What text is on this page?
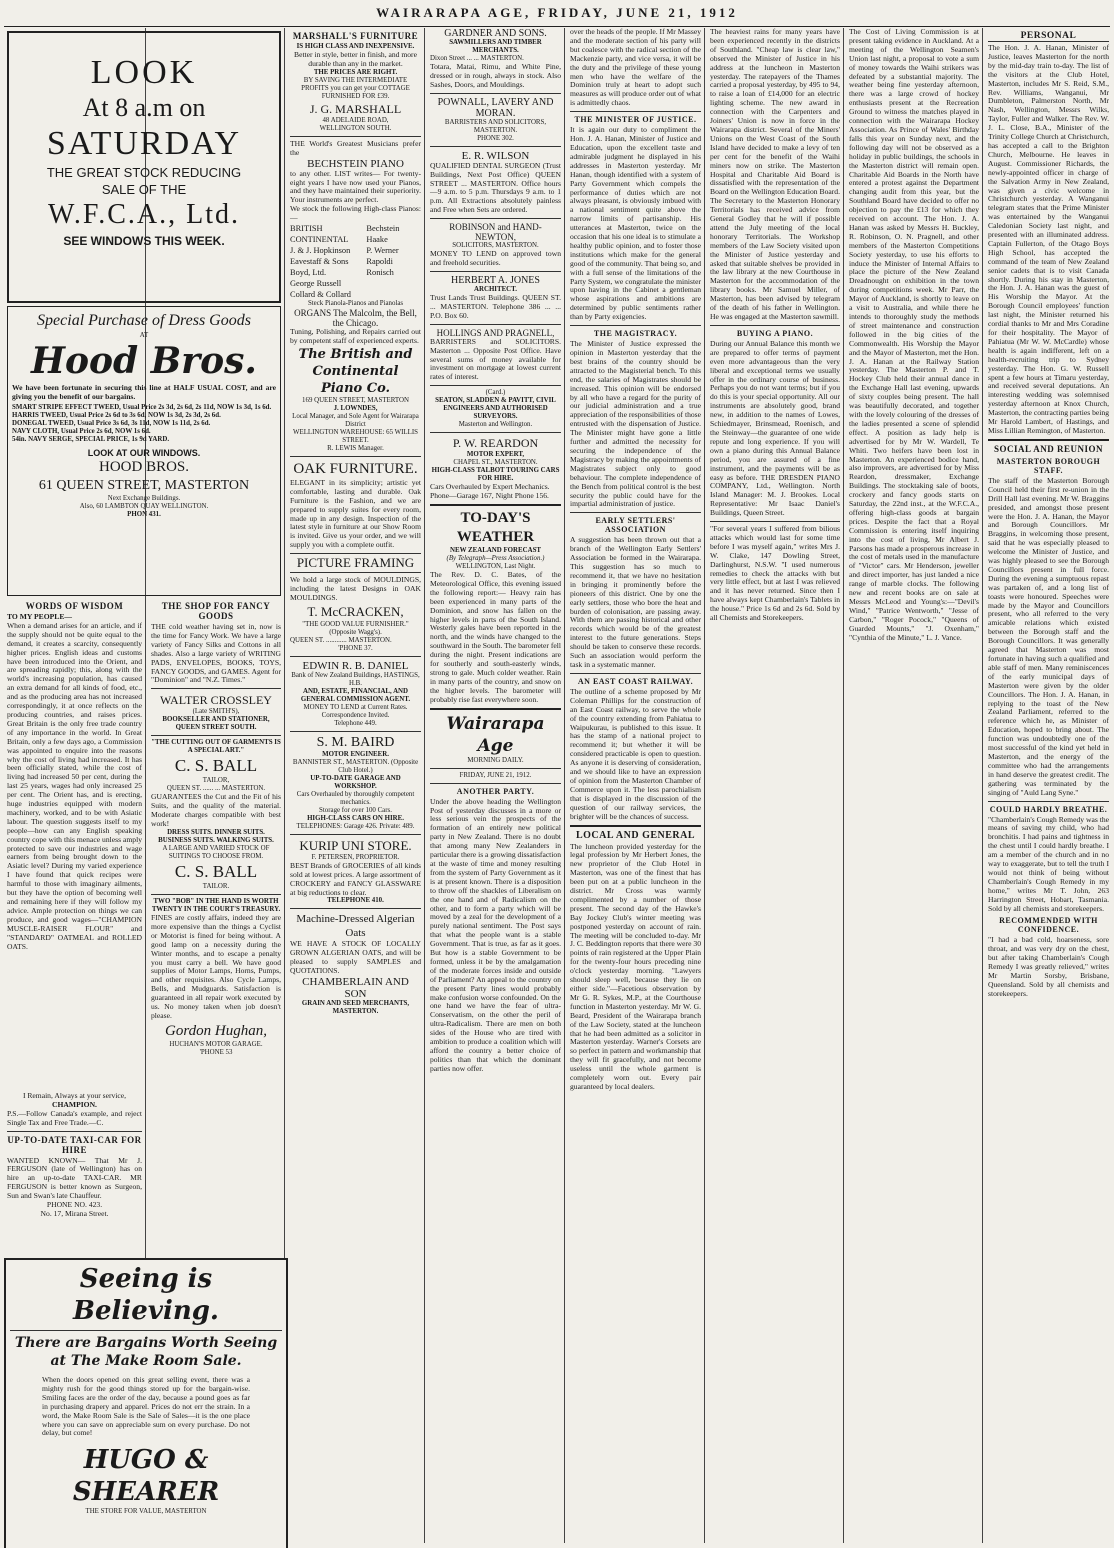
WAIRARAPA AGE, FRIDAY, JUNE 21, 1912

LOOK

At 8 a.m on

SATURDAY

THE GREAT STOCK REDUCING

SALE OF THE

W.F.C.A., Ltd.

SEE WINDOWS THIS WEEK.

Special Purchase of Dress Goods

AT

Hood Bros.

We have been fortunate in securing this line at HALF USUAL COST, and are giving you the benefit of our bargains.

SMART STRIPE EFFECT TWEED, Usual Price 2s 3d, 2s 6d, 2s 11d, NOW 1s 3d, 1s 6d.

HARRIS TWEED, Usual Price 2s 6d to 3s 6d, NOW 1s 3d, 2s 3d, 2s 6d.

DONEGAL TWEED, Usual Price 3s 6d, 3s 11d, NOW 1s 11d, 2s 6d.

NAVY CLOTH, Usual Price 2s 6d, NOW 1s 6d.

54in. NAVY SERGE, SPECIAL PRICE, 1s 9d YARD.

LOOK AT OUR WINDOWS.

HOOD BROS.

61 QUEEN STREET, MASTERTON

Next Exchange Buildings.

Also, 60 LAMBTON QUAY WELLINGTON.

PHON 431.

WORDS OF WISDOM

TO MY PEOPLE—

When a demand arises for an article, and if the supply should not be quite equal to the demand, it creates a scarcity, consequently higher prices. English ideas and customs have been introduced into the Orient, and are spreading rapidly; this, along with the world's increasing population, has caused an extra demand for all kinds of food, etc., and as the producing area has not increased correspondingly, it at once reflects on the producing countries, and raises prices. Great Britain is the only free trade country of any importance in the world. In Great Britain, only a few days ago, a Commission was appointed to enquire into the reasons why the cost of living had increased. It has been officially stated, while the cost of living had increased 50 per cent, during the last 25 years, wages had only increased 25 per cent. The Orient has, and is erecting, huge industries equipped with modern machinery, worked, and to be with Asiatic labour. The question suggests itself to my people—how can any English speaking country cope with this menace unless amply protected to save our industries and wage earners from being brought down to the Asiatic level? During my varied experience I have found that quick recipes were harmful to those with imaginary ailments, but they have the option of becoming well and remaining here if they will follow my advice. Ample protection on things we can produce, and good wages—"CHAMPION MUSCLE-RAISER FLOUR" and "STANDARD" OATMEAL and ROLLED OATS.

I Remain, Always at your service,

CHAMPION.

P.S.—Follow Canada's example, and reject Single Tax and Free Trade.—C.

UP-TO-DATE TAXI-CAR FOR HIRE

WANTED KNOWN— That Mr J. FERGUSON (late of Wellington) has on hire an up-to-date TAXI-CAR. MR FERGUSON is better known as Surgeon, Sun and Swan's late Chauffeur.

PHONE NO. 423.

No. 17, Mirana Street.

Seeing is Believing.

There are Bargains Worth Seeing at The Make Room Sale.

When the doors opened on this great selling event, there was a mighty rush for the good things stored up for the bargain-wise. Smiling faces are the order of the day, because a pound goes as far in purchasing drapery and apparel. Prices do not err the strain. In a word, the Make Room Sale is the Sale of Sales—it is the one place where you can save on appreciable sum on every purchase. Do not delay, but come!

HUGO & SHEARER

THE STORE FOR VALUE, MASTERTON

THE SHOP FOR FANCY GOODS

THE cold weather having set in, now is the time for Fancy Work. We have a large variety of Fancy Silks and Cottons in all shades. Also a large variety of WRITING PADS, ENVELOPES, BOOKS, TOYS, FANCY GOODS, and GAMES. Agent for "Dominion" and "N.Z. Times."

WALTER CROSSLEY

(Late SMITH'S),

BOOKSELLER AND STATIONER, QUEEN STREET SOUTH.

"THE CUTTING OUT OF GARMENTS IS A SPECIAL ART."

C. S. BALL

TAILOR,

QUEEN ST. ...... ... MASTERTON.

GUARANTEES the Cut and the Fit of his Suits, and the quality of the material. Moderate charges compatible with best work!

DRESS SUITS. DINNER SUITS. BUSINESS SUITS. WALKING SUITS.

A LARGE AND VARIED STOCK OF SUITINGS TO CHOOSE FROM.

C. S. BALL

TAILOR.

TWO "BOB" IN THE HAND IS WORTH TWENTY IN THE COURT'S TREASURY.

FINES are costly affairs, indeed they are more expensive than the things a Cyclist or Motorist is fined for being without. A good lamp on a necessity during the Winter months, and to escape a penalty you must carry a bell. We have good supplies of Motor Lamps, Horns, Pumps, and other requisites. Also Cycle Lamps, Bells, and Mudguards. Satisfaction is guaranteed in all repair work executed by us. No money taken when job doesn't please.

Gordon Hughan,

HUCHAN'S MOTOR GARAGE.

'PHONE 53

MARSHALL'S FURNITURE

IS HIGH CLASS AND INEXPENSIVE.

Better in style, better in finish, and more durable than any in the market.

THE PRICES ARE RIGHT.

BY SAVING THE INTERMEDIATE PROFITS you can get your COTTAGE FURNISHED FOR £39.

J. G. MARSHALL

48 ADELAIDE ROAD,

WELLINGTON SOUTH.

THE World's Greatest Musicians prefer the

BECHSTEIN PIANO

to any other. LIST writes— For twenty-eight years I have now used your Pianos, and they have maintained their superiority. Your instruments are perfect.

We stock the following High-class Pianos:—

BRITISH CONTINENTAL

J. & J. Hopkinson

Eavestaff & Sons

Boyd, Ltd.

George Russell

Collard & Collard

Bechstein

Haake

P. Werner

Rapoldi

Ronisch

Steck Pianola-Pianos and Pianolas

ORGANS The Malcolm, the Bell, the Chicago.

Tuning, Polishing, and Repairs carried out by competent staff of experienced experts.

The British and Continental Piano Co.

169 QUEEN STREET, MASTERTON

J. LOWNDES,

Local Manager, and Sole Agent for Wairarapa District

WELLINGTON WAREHOUSE: 65 WILLIS STREET.

R. LEWIS Manager.

OAK FURNITURE.

ELEGANT in its simplicity; artistic yet comfortable, lasting and durable. Oak Furniture is the Fashion, and we are prepared to supply suites for every room, made up in any design. Inspection of the latest style in furniture at our Show Room is invited. Give us your order, and we will supply you with a complete outfit.

PICTURE FRAMING

We hold a large stock of MOULDINGS, including the latest Designs in OAK MOULDINGS.

T. McCRACKEN,

"THE GOOD VALUE FURNISHER."

(Opposite Wagg's).

QUEEN ST. ............ MASTERTON.

'PHONE 37.

EDWIN R. B. DANIEL

Bank of New Zealand Buildings, HASTINGS, H.B.

AND, ESTATE, FINANCIAL, AND GENERAL COMMISSION AGENT.

MONEY TO LEND at Current Rates.

Correspondence Invited.

Telephone 449.

S. M. BAIRD

MOTOR ENGINEER.

BANNISTER ST., MASTERTON. (Opposite Club Hotel.)

UP-TO-DATE GARAGE AND WORKSHOP.

Cars Overhauled by thoroughly competent mechanics.

Storage for over 100 Cars.

HIGH-CLASS CARS ON HIRE.

TELEPHONES: Garage 426. Private: 489.

KURIP UNI STORE.

F. PETERSEN, PROPRIETOR.

BEST Brands of GROCERIES of all kinds sold at lowest prices. A large assortment of CROCKERY and FANCY GLASSWARE at big reductions to clear.

TELEPHONE 410.

Machine-Dressed Algerian Oats

WE HAVE A STOCK OF LOCALLY GROWN ALGERIAN OATS, and will be pleased to supply SAMPLES and QUOTATIONS.

CHAMBERLAIN AND SON

GRAIN AND SEED MERCHANTS, MASTERTON.

GARDNER AND SONS.

SAWMILLERS AND TIMBER MERCHANTS.

Dixon Street ... ... MASTERTON.

Totara, Matai, Rimu, and White Pine, dressed or in rough, always in stock. Also Sashes, Doors, and Mouldings.

POWNALL, LAVERY AND MORAN.

BARRISTERS AND SOLICITORS, MASTERTON.

PHONE 302.

E. R. WILSON

QUALIFIED DENTAL SURGEON (Trust Buildings, Next Post Office) QUEEN STREET ... MASTERTON. Office hours—9 a.m. to 5 p.m. Thursdays 9 a.m. to 1 p.m. All Extractions absolutely painless and Free when Sets are ordered.

ROBINSON and HAND-NEWTON,

SOLICITORS, MASTERTON.

MONEY TO LEND on approved town and freehold securities.

HERBERT A. JONES

ARCHITECT.

Trust Lands Trust Buildings. QUEEN ST. ... MASTERTON. Telephone 386 ... ... P.O. Box 60.

HOLLINGS AND PRAGNELL,

BARRISTERS and SOLICITORS. Masterton ... Opposite Post Office. Have several sums of money available for investment on mortgage at lowest current rates of interest.

(Card.)

SEATON, SLADDEN & PAVITT, CIVIL ENGINEERS AND AUTHORISED SURVEYORS.

Masterton and Wellington.

P. W. REARDON

MOTOR EXPERT,

CHAPEL ST., MASTERTON.

HIGH-CLASS TALBOT TOURING CARS FOR HIRE.

Cars Overhauled by Expert Mechanics.

Phone—Garage 167, Night Phone 156.

TO-DAY'S WEATHER

NEW ZEALAND FORECAST

(By Telegraph—Press Association.)

WELLINGTON, Last Night.

The Rev. D. C. Bates, of the Meteorological Office, this evening issued the following report:— Heavy rain has been experienced in many parts of the Dominion, and snow has fallen on the higher levels in parts of the South Island. Westerly gales have been reported in the north, and the winds have changed to the southward in the South. The barometer fell during the night. Present indications are for southerly and south-easterly winds, strong to gale. Much colder weather. Rain in many parts of the country, and snow on the higher levels. The barometer will probably rise fast everywhere soon.

Wairarapa Age

MORNING DAILY.

FRIDAY, JUNE 21, 1912.

ANOTHER PARTY.

Under the above heading the Wellington Post of yesterday discusses in a more or less serious vein the prospects of the formation of an entirely new political party in New Zealand. There is no doubt that among many New Zealanders in particular there is a growing dissatisfaction at the waste of time and money resulting from the system of Party Government as it is at present known. There is a disposition to throw off the shackles of Liberalism on the one hand and of Radicalism on the other, and to form a party which will be moved by a zeal for the development of a purely national sentiment. The Post says that what the people want is a stable Government. That is true, as far as it goes. But how is a stable Government to be formed, unless it be by the amalgamation of the moderate forces inside and outside of Parliament? An appeal to the country on the present Party lines would probably make confusion worse confounded. On the one hand we have the fear of ultra-Conservatism, on the other the peril of ultra-Radicalism. There are men on both sides of the House who are tired with ambition to produce a coalition which will afford the country a better choice of politics than that which the dominant parties now offer.

over the heads of the people. If Mr Massey and the moderate section of his party will but coalesce with the radical section of the Mackenzie party, and vice versa, it will be the duty and the privilege of these young men who have the welfare of the Dominion truly at heart to adopt such measures as will produce order out of what is admittedly chaos.

THE MINISTER OF JUSTICE.

It is again our duty to compliment the Hon. J. A. Hanan, Minister of Justice and Education, upon the excellent taste and admirable judgment he displayed in his addresses in Masterton yesterday. Mr Hanan, though identified with a system of Party Government which compels the performance of duties which are not always pleasant, is obviously imbued with a national sentiment quite above the narrow limits of partisanship. His utterances at Masterton, twice on the occasion that his one ideal is to stimulate a healthy public opinion, and to foster those institutions which make for the general good of the community. That being so, and with a full sense of the limitations of the Party System, we congratulate the minister upon having in the Cabinet a gentleman whose aspirations and ambitions are determined by public sentiments rather than by Party exigencies.

THE MAGISTRACY.

The Minister of Justice expressed the opinion in Masterton yesterday that the best brains of the country should be attracted to the Magisterial bench. To this end, the salaries of Magistrates should be increased. This opinion will be endorsed by all who have a regard for the purity of our judicial administration and a true appreciation of the responsibilities of those entrusted with the dispensation of Justice. The Minister might have gone a little further and admitted the necessity for securing the independence of the Magistracy by making the appointments of Magistrates subject only to good behaviour. The complete independence of the Bench from political control is the best security the public could have for the impartial administration of justice.

EARLY SETTLERS' ASSOCIATION

A suggestion has been thrown out that a branch of the Wellington Early Settlers' Association be formed in the Wairarapa. This suggestion has so much to recommend it, that we have no hesitation in bringing it prominently before the pioneers of this district. One by one the early settlers, those who bore the heat and burden of colonisation, are passing away. With them are passing historical and other records which would be of the greatest interest to the future generations. Steps should be taken to conserve these records. Such an association would perform the task in a systematic manner.

AN EAST COAST RAILWAY.

The outline of a scheme proposed by Mr Coleman Phillips for the construction of an East Coast railway, to serve the whole of the country extending from Pahiatua to Waipukurau, is published to this issue. It has the stamp of a national project to recommend it; but whether it will be considered practicable is open to question. As anyone it is deserving of consideration, and we should like to have an expression of opinion from the Masterton Chamber of Commerce upon it. The less parochialism that is displayed in the discussion of the question of our railway services, the brighter will be the chances of success.

LOCAL AND GENERAL

The luncheon provided yesterday for the legal profession by Mr Herbert Jones, the new proprietor of the Club Hotel in Masterton, was one of the finest that has been put on at a public luncheon in the district. Mr Cross was warmly complimented by a number of those present. The second day of the Hawke's Bay Jockey Club's winter meeting was postponed yesterday on account of rain. The meeting will be concluded to-day. Mr J. C. Beddington reports that there were 30 points of rain registered at the Upper Plain for the twenty-four hours preceding nine o'clock yesterday morning. "Lawyers should sleep well, because they lie on either side."—Facetious observation by Mr G. R. Sykes, M.P., at the Courthouse function in Masterton yesterday. Mr W. G. Beard, President of the Wairarapa branch of the Law Society, stated at the luncheon that he had been admitted as a solicitor in Masterton yesterday. Warner's Corsets are so perfect in pattern and workmanship that they will fit gracefully, and not become useless until the whole garment is completely worn out. Every pair guaranteed by local dealers.

The heaviest rains for many years have been experienced recently in the districts of Southland. "Cheap law is clear law," observed the Minister of Justice in his address at the luncheon in Masterton yesterday. The ratepayers of the Thames carried a proposal yesterday, by 495 to 94, to raise a loan of £14,000 for an electric lighting scheme. The new award in connection with the Carpenters and Joiners' Union is now in force in the Wairarapa district. Several of the Miners' Unions on the West Coast of the South Island have decided to make a levy of ten per cent for the benefit of the Waihi miners now on strike. The Masterton Hospital and Charitable Aid Board is dissatisfied with the representation of the Board on the Wellington Education Board. The Secretary to the Masterton Honorary Territorials has received advice from General Godley that he will if possible attend the July meeting of the local honorary Territorials. The Workshop members of the Law Society visited upon the Minister of Justice yesterday and asked that suitable shelves be provided in the law library at the new Courthouse in Masterton for the accommodation of the library books. Mr Samuel Miller, of Masterton, has been advised by telegram of the death of his father in Wellington. He was engaged at the Masterton sawmill.

BUYING A PIANO.

During our Annual Balance this month we are prepared to offer terms of payment even more advantageous than the very liberal and exceptional terms we usually offer in the ordinary course of business. Perhaps you do not want terms; but if you do this is your special opportunity. All our instruments are absolutely good, brand new, in addition to the names of Lowes, Schiedmayer, Brinsmead, Roenisch, and the Steinway—the guarantee of one wide repute and long experience. If you will own a piano during this Annual Balance period, you are assured of a fine instrument, and the payments will be as easy as before. THE DRESDEN PIANO COMPANY, Ltd., Wellington. North Island Manager: M. J. Brookes. Local Representative: Mr Isaac Daniel's Buildings, Queen Street.

"For several years I suffered from bilious attacks which would last for some time before I was myself again," writes Mrs J. W. Clake, 147 Dowling Street, Darlinghurst, N.S.W. "I used numerous remedies to check the attacks with but very little effect, but at last I was relieved and it has never returned. Since then I have always kept Chamberlain's Tablets in the house." Price 1s 6d and 2s 6d. Sold by all Chemists and Storekeepers.

The Cost of Living Commission is at present taking evidence in Auckland. At a meeting of the Wellington Seamen's Union last night, a proposal to vote a sum of money towards the Waihi strikers was defeated by a substantial majority. The weather being fine yesterday afternoon, there was a large crowd of hockey enthusiasts present at the Recreation Ground to witness the matches played in connection with the Wairarapa Hockey Association. As Prince of Wales' Birthday falls this year on Sunday next, and the following day will not be observed as a holiday in public buildings, the schools in the Masterton district will remain open. Charitable Aid Boards in the North have entered a protest against the Department changing audit from this year, but the Southland Board have decided to offer no objection to pay the £13 for which they received on account. The Hon. J. A. Hanan was asked by Messrs H. Buckley, R. Robinson, O. N. Pragnell, and other members of the Masterton Competitions Society yesterday, to use his efforts to induce the Minister of Internal Affairs to place the picture of the New Zealand Dreadnought on exhibition in the town during competitions week. Mr Parr, the Mayor of Auckland, is shortly to leave on a visit to Australia, and while there he intends to thoroughly study the methods of street maintenance and construction followed in the big cities of the Commonwealth. His Worship the Mayor and the Mayor of Masterton, met the Hon. J. A. Hanan at the Railway Station yesterday. The Masterton P. and T. Hockey Club held their annual dance in the Exchange Hall last evening, upwards of sixty couples being present. The hall was beautifully decorated, and together with the lovely colouring of the dresses of the ladies presented a scene of splendid effect. A position as lady help is advertised for by Mr W. Wardell, Te Whiti. Two heifers have been lost in Masterton. An experienced bodice hand, also improvers, are advertised for by Miss Reardon, dressmaker, Exchange Buildings. The stocktaking sale of boots, crockery and fancy goods starts on Saturday, the 22nd inst., at the W.F.C.A., offering high-class goods at bargain prices. Despite the fact that a Royal Commission is entering itself inquiring into the cost of living, Mr Albert J. Parsons has made a prosperous increase in the cost of metals used in the manufacture of "Victor" cars. Mr Henderson, jeweller and direct importer, has just landed a nice range of marble clocks. The following new and recent books are on sale at Messrs McLeod and Young's:—"Devil's Wind," "Patrice Wentworth," "Jesse of Carbon," "Roger Pocock," "Queens of Guarded Mounts," "J. Oxenham," "Cynthia of the Minute," L. J. Vance.

PERSONAL

The Hon. J. A. Hanan, Minister of Justice, leaves Masterton for the north by the mid-day train to-day. The list of the visitors at the Club Hotel, Masterton, includes Mr S. Reid, S.M., Rev. Williams, Wanganui, Mr Dumbleton, Palmerston North, Mr Nash, Wellington, Messrs Wilks, Taylor, Fuller and Walker. The Rev. W. J. L. Close, B.A., Minister of the Trinity College Church at Christchurch, has accepted a call to the Brighton Church, Melbourne. He leaves in August. Commissioner Richards, the newly-appointed officer in charge of the Salvation Army in New Zealand, was given a civic welcome in Christchurch yesterday. A Wanganui telegram states that the Prime Minister was entertained by the Wanganui Caledonian Society last night, and presented with an illuminated address. Captain Fullerton, of the Otago Boys High School, has accepted the command of the team of New Zealand senior cadets that is to visit Canada shortly. During his stay in Masterton, the Hon. J. A. Hanan was the guest of His Worship the Mayor. At the Borough Council employees' function last night, the Minister returned his cordial thanks to Mr and Mrs Coradine for their hospitality. The Mayor of Pahiatua (Mr W. W. McCardle) whose health is again indifferent, left on a health-recruiting trip to Sydney yesterday. The Hon. G. W. Russell spent a few hours at Timaru yesterday, and received several deputations. An interesting wedding was solemnised yesterday afternoon at Knox Church, Masterton, the contracting parties being Mr Harold Lambert, of Hastings, and Miss Lillian Remington, of Masterton.

SOCIAL AND REUNION

MASTERTON BOROUGH STAFF.

The staff of the Masterton Borough Council held their first re-union in the Drill Hall last evening. Mr W. Braggins presided, and amongst those present were the Hon. J. A. Hanan, the Mayor and Borough Councillors. Mr Braggins, in welcoming those present, said that he was especially pleased to welcome the Minister of Justice, and was highly pleased to see the Borough Councillors present in full force. During the evening a sumptuous repast was partaken of, and a long list of toasts were honoured. Speeches were made by the Mayor and Councillors present, who all referred to the very amicable relations which existed between the Borough staff and the Borough Councillors. It was generally agreed that Masterton was most fortunate in having such a qualified and able staff of men. Many reminiscences of the early municipal days of Masterton were given by the older Councillors. The Hon. J. A. Hanan, in replying to the toast of the New Zealand Parliament, referred to the reference which he, as Minister of Education, hoped to bring about. The function was undoubtedly one of the most successful of the kind yet held in Masterton, and the energy of the committee who had the arrangements in hand deserve the greatest credit. The gathering was terminated by the singing of "Auld Lang Syne."

COULD HARDLY BREATHE.

"Chamberlain's Cough Remedy was the means of saving my child, who had bronchitis. I had pains and tightness in the chest until I could hardly breathe. I am a member of the church and in no way to exaggerate, but to tell the truth I would not think of being without Chamberlain's Cough Remedy in my home," writes Mr T. John, 263 Harrington Street, Hobart, Tasmania. Sold by all chemists and storekeepers.

RECOMMENDED WITH CONFIDENCE.

"I had a bad cold, hoarseness, sore throat, and was very dry on the chest, but after taking Chamberlain's Cough Remedy I was greatly relieved," writes Mr Martin Sorsby, Brisbane, Queensland. Sold by all chemists and storekeepers.
